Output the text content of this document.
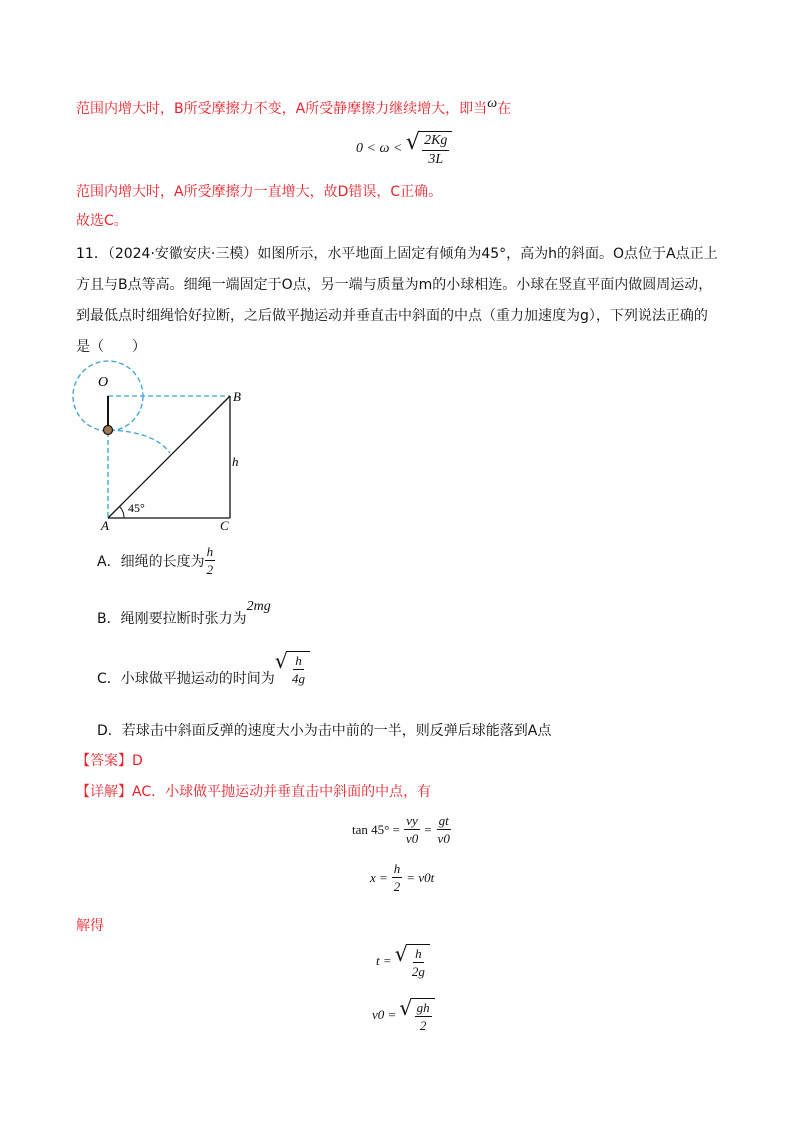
范围内增大时，B所受摩擦力不变，A所受静摩擦力继续增大，即当ω在
0 < ω < √ $\frac{2Kg}{3L}$
范围内增大时，A所受摩擦力一直增大，故D错误，C正确。
故选C。
11．（2024·安徽安庆·三模）如图所示，水平地面上固定有倾角为45°，高为h的斜面。O点位于A点正上
方且与B点等高。细绳一端固定于O点，另一端与质量为m的小球相连。小球在竖直平面内做圆周运动，
到最低点时细绳恰好拉断，之后做平抛运动并垂直击中斜面的中点（重力加速度为g），下列说法正确的
是（　　）
O
B
h
A	C
45°
A．细绳的长度为 $\frac{h}{2}$
B．绳刚要拉断时张力为2mg
C．小球做平抛运动的时间为
√ $\frac{h}{4g}$
D．若球击中斜面反弹的速度大小为击中前的一半，则反弹后球能落到A点
【答案】D
【详解】AC．小球做平抛运动并垂直击中斜面的中点，有
$\tan 45^\circ = \frac{vy}{v0} = \frac{gt}{v0}$
$x = \frac{h}{2} = v0t$
解得
t = √ $\frac{h}{2g}$
v0 = √ $\frac{gh}{2}$
